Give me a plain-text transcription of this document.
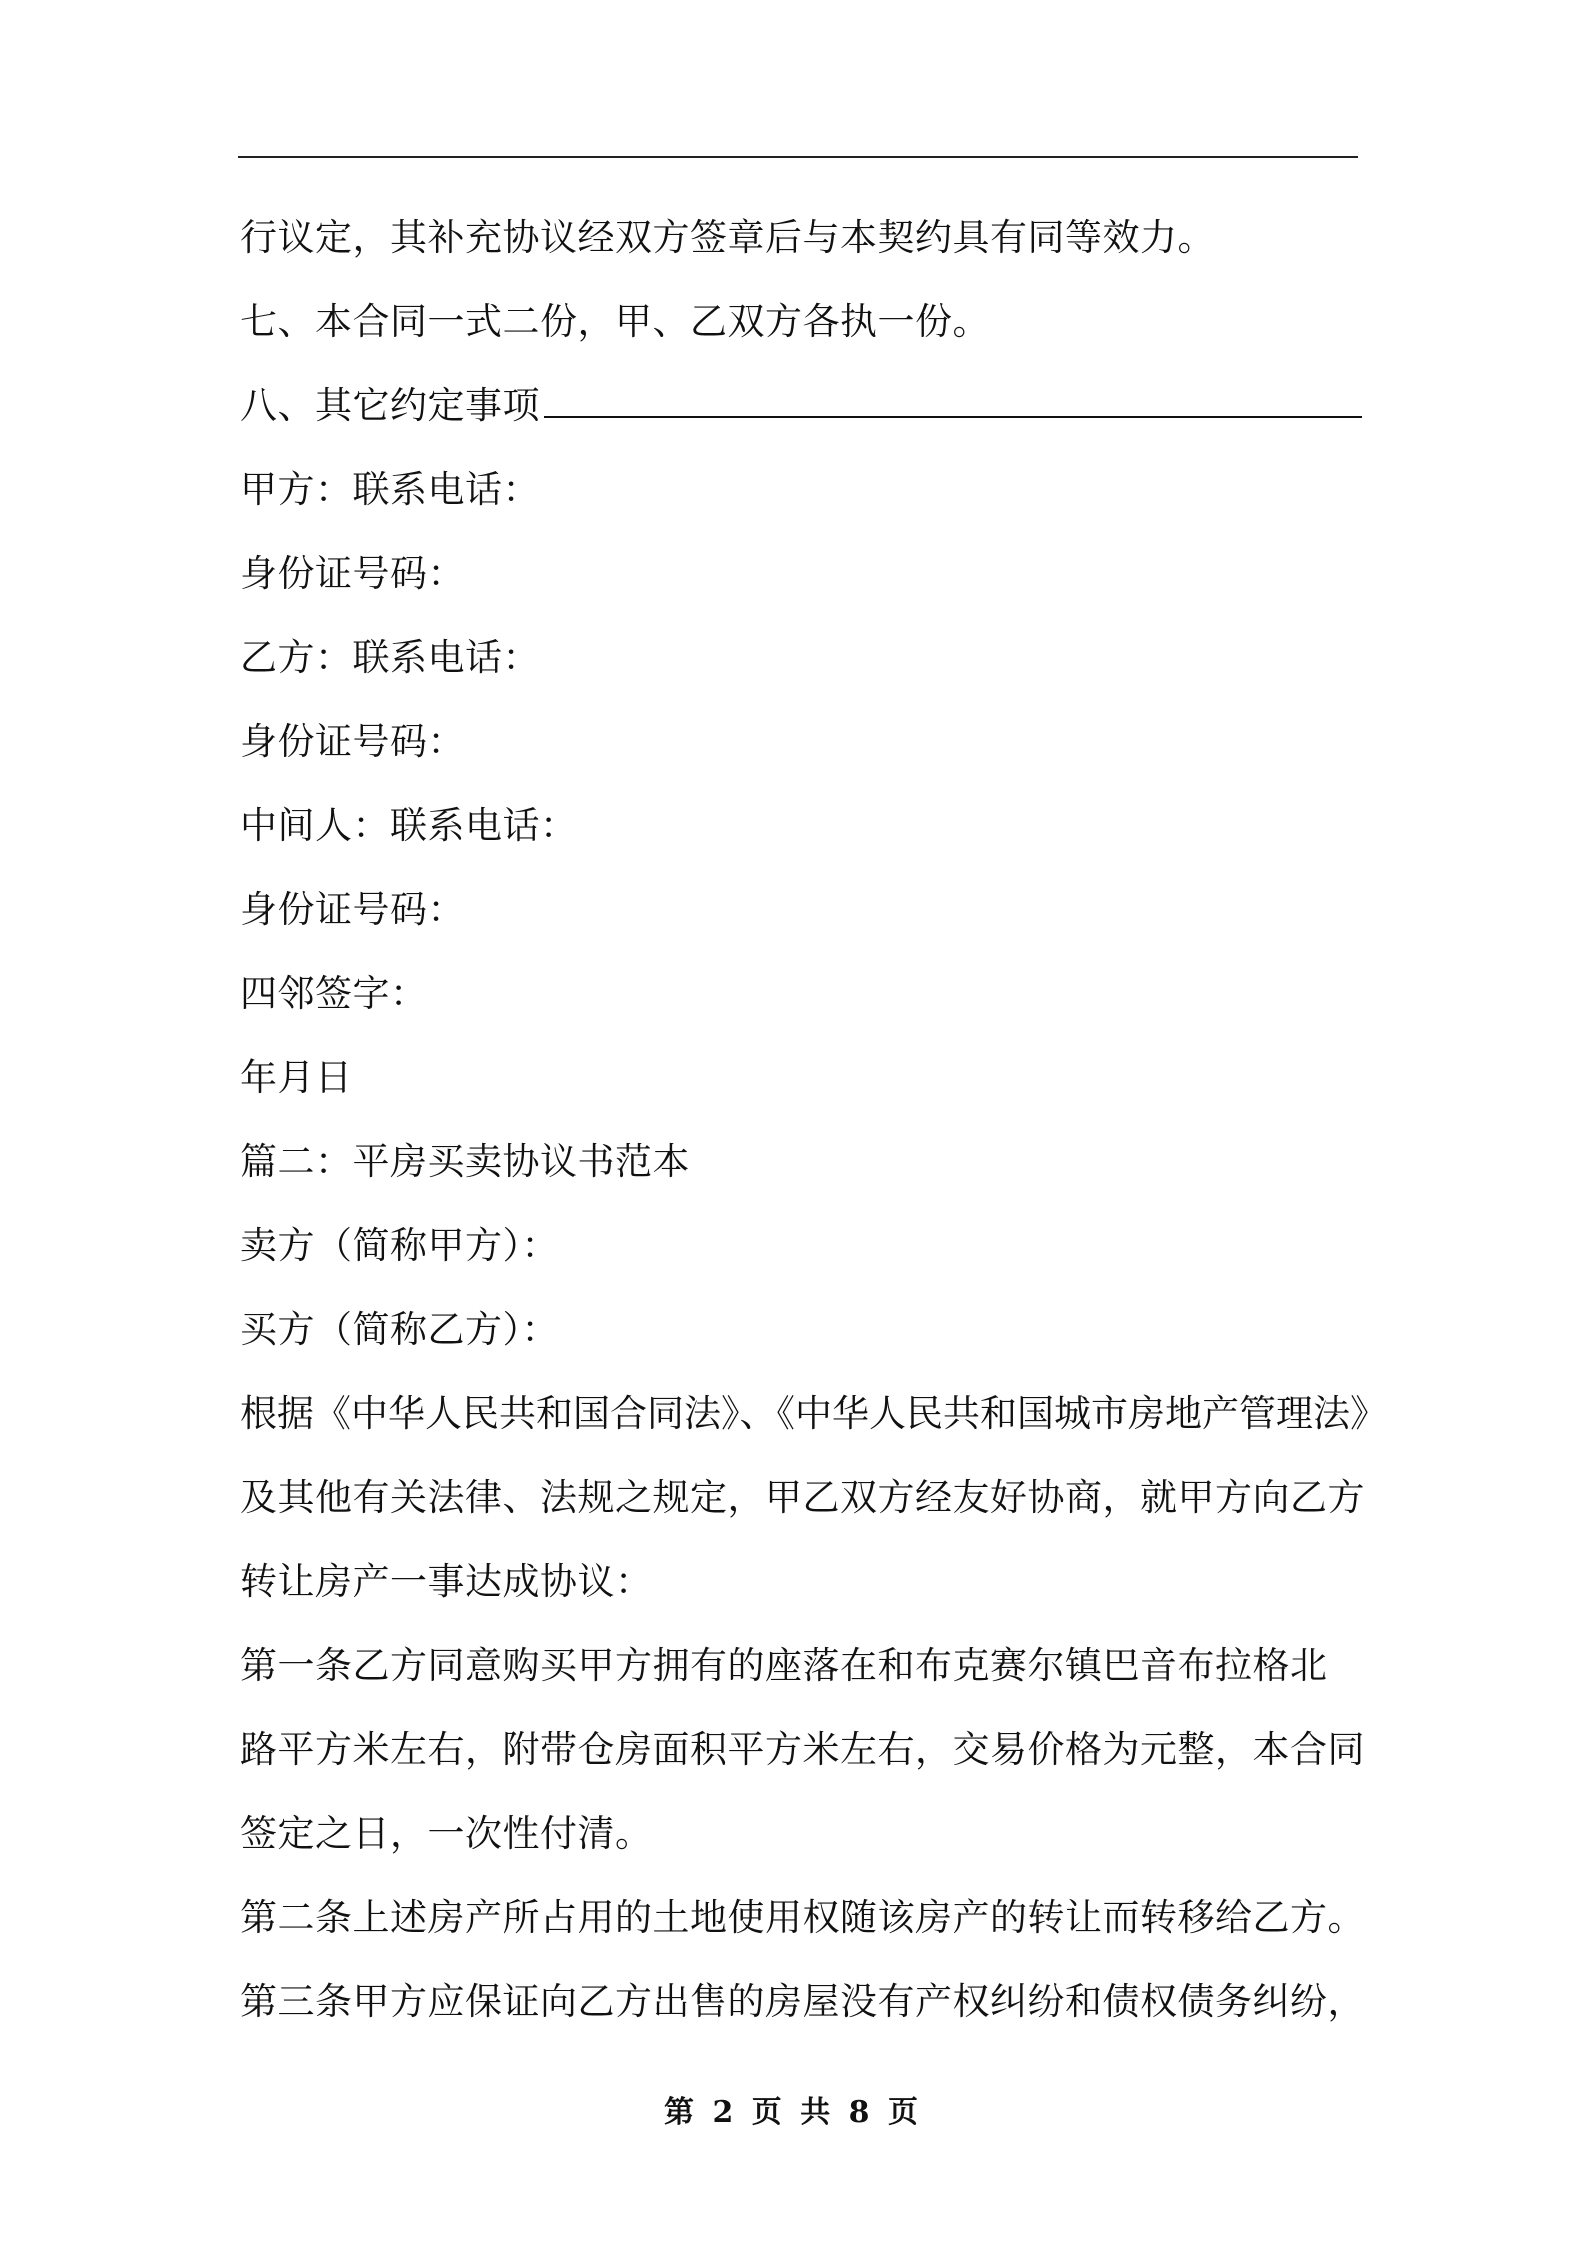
行议定，其补充协议经双方签章后与本契约具有同等效力。
七、本合同一式二份，甲、乙双方各执一份。
八、其它约定事项
甲方：联系电话：
身份证号码：
乙方：联系电话：
身份证号码：
中间人：联系电话：
身份证号码：
四邻签字：
年月日
篇二：平房买卖协议书范本
卖方（简称甲方）：
买方（简称乙方）：
根据《中华人民共和国合同法》、《中华人民共和国城市房地产管理法》
及其他有关法律、法规之规定，甲乙双方经友好协商，就甲方向乙方
转让房产一事达成协议：
第一条乙方同意购买甲方拥有的座落在和布克赛尔镇巴音布拉格北
路平方米左右，附带仓房面积平方米左右，交易价格为元整，本合同
签定之日，一次性付清。
第二条上述房产所占用的土地使用权随该房产的转让而转移给乙方。
第三条甲方应保证向乙方出售的房屋没有产权纠纷和债权债务纠纷，
第 2 页 共 8 页
